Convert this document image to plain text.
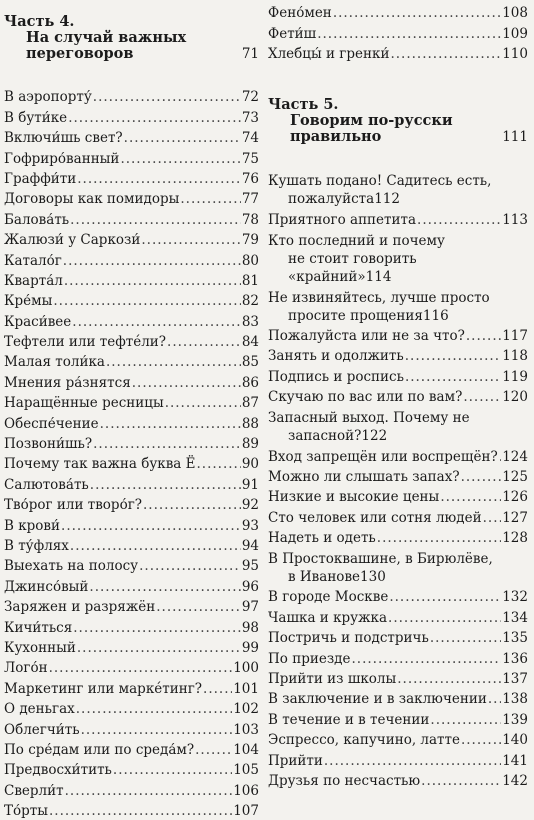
Часть 4.
На случай важных
переговоров	71
В аэропорту́ .....	72
В бути́ке .....	73
Включи́шь свет? .....	74
Гофриро́ванный .....	75
Граффи́ти .....	76
Договоры как помидоры .....	77
Балова́ть .....	78
Жалюзи́ у Саркози́ .....	79
Катало́г .....	80
Кварта́л .....	81
Кре́мы .....	82
Краси́вее .....	83
Тефтели или тефтéли? .....	84
Малая толи́ка .....	85
Мнения ра́знятся .....	86
Наращённые ресницы .....	87
Обеспе́чение .....	88
Позвони́шь? .....	89
Почему так важна буква Ё .....	90
Салютова́ть .....	91
Тво́рог или творо́г? .....	92
В крови́ .....	93
В ту́флях .....	94
Выехать на полосу .....	95
Джинсо́вый .....	96
Заряжен и разряжён .....	97
Кичи́ться .....	98
Кухонный .....	99
Лого́н .....	100
Маркетинг или маркéтинг? ..... 101
О деньгах .....	102
Облегчи́ть .....	103
По сре́дам или по среда́м? .....	104
Предвосхи́тить .....	105
Сверли́т .....	106
То́рты .....	107
Фено́мен .....	108
Фети́ш .....	109
Хлебцы́ и гренки́ .....	110
Часть 5.
Говорим по-русски
правильно	111
Кушать подано! Садитесь есть,
пожалуйста 112
Приятного аппетита .....	113
Кто последний и почему
не стоит говорить
«крайний» 114
Не извиняйтесь, лучше просто
просите прощения 116
Пожалуйста или не за что? .....	117
Занять и одолжить .....	118
Подпись и роспись .....	119
Скучаю по вас или по вам? .....	120
Запасный выход. Почему не
запасной? 122
Вход запрещён или воспрещён? ..... 124
Можно ли слышать запах? .....	125
Низкие и высокие цены .....	126
Сто человек или сотня людей ..... 127
Надеть и одеть .....	128
В Простоквашине, в Бирюлёве,
в Иванове 130
В городе Москве .....	132
Чашка и кружка .....	134
Постричь и подстричь .....	135
По приезде .....	136
Прийти из школы .....	137
В заключение и в заключении ..... 138
В течение и в течении .....	139
Эспрессо, капучино, латте .....	140
Прийти .....	141
Друзья по несчастью .....	142
